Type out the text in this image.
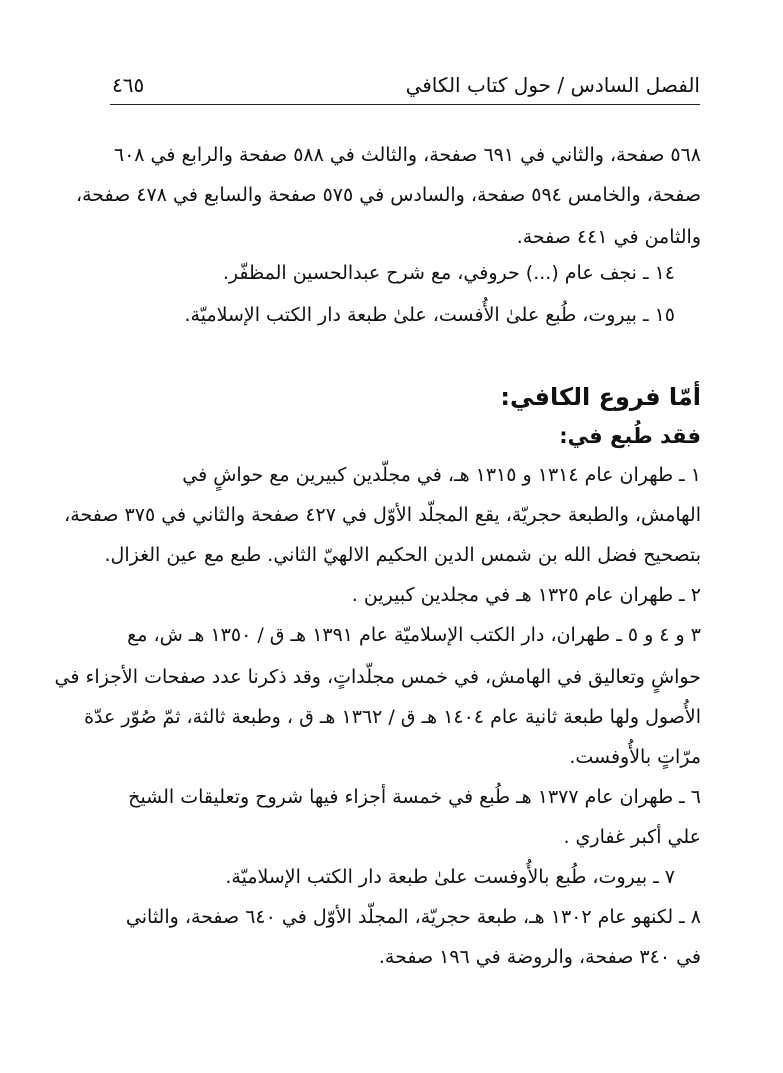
الفصل السادس / حول كتاب الكافي
٤٦٥
٥٦٨ صفحة، والثاني في ٦٩١ صفحة، والثالث في ٥٨٨ صفحة والرابع في ٦٠٨
صفحة، والخامس ٥٩٤ صفحة، والسادس في ٥٧٥ صفحة والسابع في ٤٧٨ صفحة،
والثامن في ٤٤١ صفحة.
١٤ ـ نجف عام (...) حروفي، مع شرح عبدالحسين المظفّر.
١٥ ـ بيروت، طُبع علىٰ الأُفست، علىٰ طبعة دار الكتب الإسلاميّة.
أمّا فروع الكافي:
فقد طُبع في:
١ ـ طهران عام ١٣١٤ و ١٣١٥ هـ، في مجلّدين كبيرين مع حواشٍ في
الهامش، والطبعة حجريّة، يقع المجلّد الأوّل في ٤٢٧ صفحة والثاني في ٣٧٥ صفحة،
بتصحيح فضل الله بن شمس الدين الحكيم الالهيّ الثاني. طبع مع عين الغزال.
٢ ـ طهران عام ١٣٢٥ هـ في مجلدين كبيرين .
٣ و ٤ و ٥ ـ طهران، دار الكتب الإسلاميّة عام ١٣٩١ هـ ق / ١٣٥٠ هـ ش، مع
حواشٍ وتعاليق في الهامش، في خمس مجلّداتٍ، وقد ذكرنا عدد صفحات الأجزاء في
الأُصول ولها طبعة ثانية عام ١٤٠٤ هـ ق / ١٣٦٢ هـ ق ، وطبعة ثالثة، ثمّ صُوّر عدّة
مرّاتٍ بالأُوفست.
٦ ـ طهران عام ١٣٧٧ هـ طُبع في خمسة أجزاء فيها شروح وتعليقات الشيخ
علي أكبر غفاري .
٧ ـ بيروت، طُبع بالأُوفست علىٰ طبعة دار الكتب الإسلاميّة.
٨ ـ لكنهو عام ١٣٠٢ هـ، طبعة حجريّة، المجلّد الأوّل في ٦٤٠ صفحة، والثاني
في ٣٤٠ صفحة، والروضة في ١٩٦ صفحة.
